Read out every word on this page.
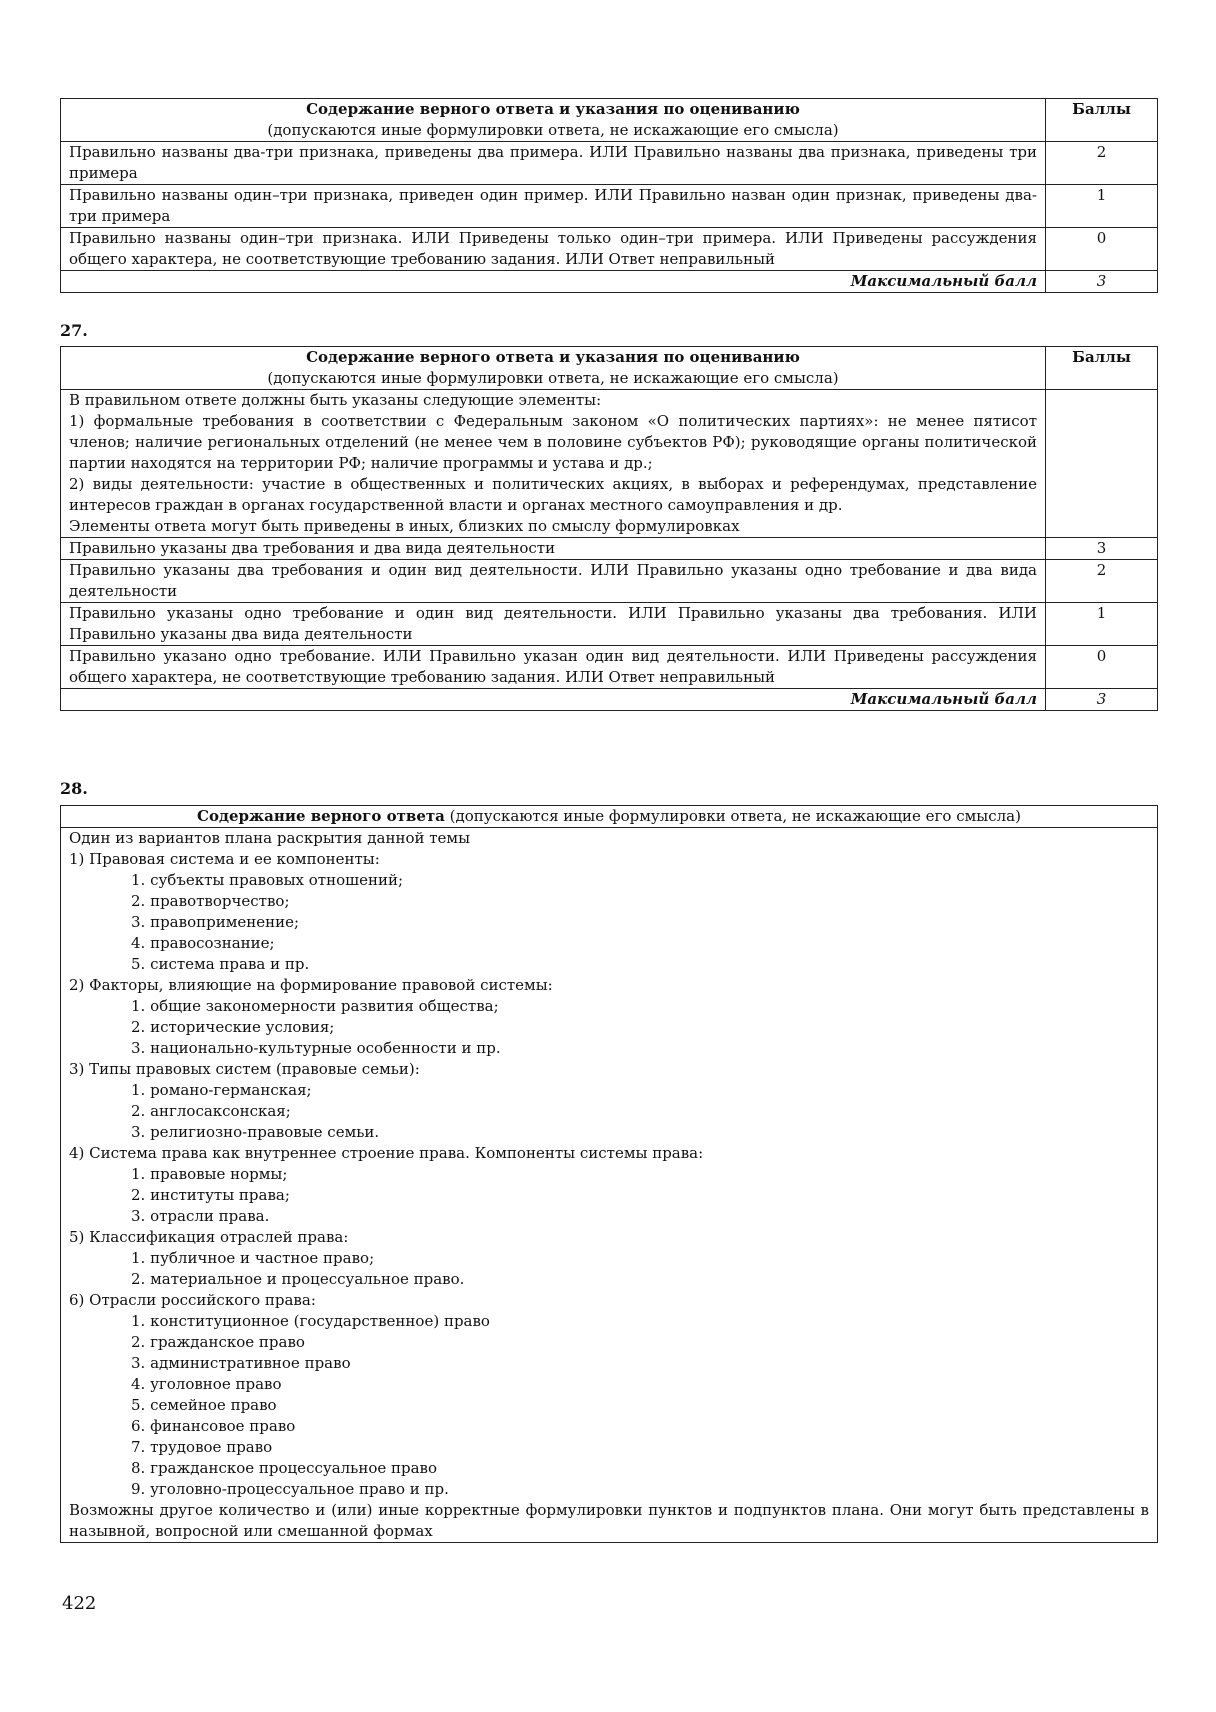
Содержание верного ответа и указания по оцениванию
(допускаются иные формулировки ответа, не искажающие его смысла)	Баллы
Правильно названы два-три признака, приведены два примера. ИЛИ Правильно названы два признака, приведены три примера	2
Правильно названы один–три признака, приведен один пример. ИЛИ Правильно назван один признак, приведены два-три примера	1
Правильно названы один–три признака. ИЛИ Приведены только один–три примера. ИЛИ Приведены рассуждения общего характера, не соответствующие требованию задания. ИЛИ Ответ неправильный	0
Максимальный балл	3
27.
Содержание верного ответа и указания по оцениванию
(допускаются иные формулировки ответа, не искажающие его смысла)	Баллы

В правильном ответе должны быть указаны следующие элементы:
1) формальные требования в соответствии с Федеральным законом «О политических партиях»: не менее пятисот членов; наличие региональных отделений (не менее чем в половине субъектов РФ); руководящие органы политической партии находятся на территории РФ; наличие программы и устава и др.;
2) виды деятельности: участие в общественных и политических акциях, в выборах и референдумах, представление интересов граждан в органах государственной власти и органах местного самоуправления и др.
Элементы ответа могут быть приведены в иных, близких по смыслу формулировках	

Правильно указаны два требования и два вида деятельности	3
Правильно указаны два требования и один вид деятельности. ИЛИ Правильно указаны одно требование и два вида деятельности	2
Правильно указаны одно требование и один вид деятельности. ИЛИ Правильно указаны два требования. ИЛИ Правильно указаны два вида деятельности	1
Правильно указано одно требование. ИЛИ Правильно указан один вид деятельности. ИЛИ Приведены рассуждения общего характера, не соответствующие требованию задания. ИЛИ Ответ неправильный	0
Максимальный балл	3
28.
Содержание верного ответа (допускаются иные формулировки ответа, не искажающие его смысла)

Один из вариантов плана раскрытия данной темы
1) Правовая система и ее компоненты:
1. субъекты правовых отношений;
2. правотворчество;
3. правоприменение;
4. правосознание;
5. система права и пр.
2) Факторы, влияющие на формирование правовой системы:
1. общие закономерности развития общества;
2. исторические условия;
3. национально-культурные особенности и пр.
3) Типы правовых систем (правовые семьи):
1. романо-германская;
2. англосаксонская;
3. религиозно-правовые семьи.
4) Система права как внутреннее строение права. Компоненты системы права:
1. правовые нормы;
2. институты права;
3. отрасли права.
5) Классификация отраслей права:
1. публичное и частное право;
2. материальное и процессуальное право.
6) Отрасли российского права:
1. конституционное (государственное) право
2. гражданское право
3. административное право
4. уголовное право
5. семейное право
6. финансовое право
7. трудовое право
8. гражданское процессуальное право
9. уголовно-процессуальное право и пр.
Возможны другое количество и (или) иные корректные формулировки пунктов и подпунктов плана. Они могут быть представлены в назывной, вопросной или смешанной формах
422
